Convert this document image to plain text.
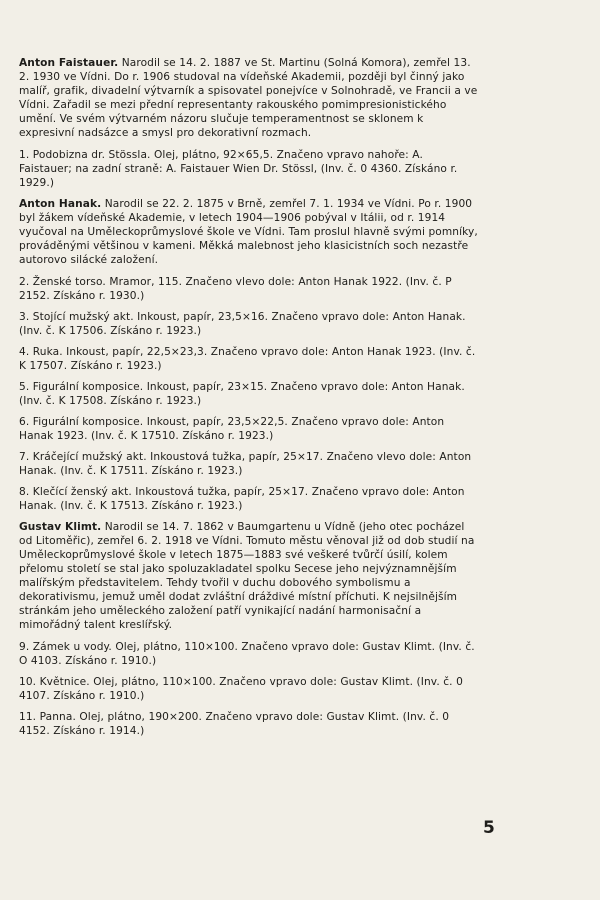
Anton Faistauer. Narodil se 14. 2. 1887 ve St. Martinu (Solná Komora), zemřel 13. 2. 1930 ve Vídni. Do r. 1906 studoval na vídeňské Akademii, později byl činný jako malíř, grafik, divadelní výtvarník a spisovatel ponejvíce v Solnohradě, ve Francii a ve Vídni. Zařadil se mezi přední representanty rakouského pomimpresionistického umění. Ve svém výtvarném názoru slučuje temperamentnost se sklonem k expresivní nadsázce a smysl pro dekorativní rozmach.

1. Podobizna dr. Stössla. Olej, plátno, 92×65,5. Značeno vpravo nahoře: A. Faistauer; na zadní straně: A. Faistauer Wien Dr. Stössl, (Inv. č. 0 4360. Získáno r. 1929.)

Anton Hanak. Narodil se 22. 2. 1875 v Brně, zemřel 7. 1. 1934 ve Vídni. Po r. 1900 byl žákem vídeňské Akademie, v letech 1904—1906 pobýval v Itálii, od r. 1914 vyučoval na Uměleckoprůmyslové škole ve Vídni. Tam proslul hlavně svými pomníky, prováděnými většinou v kameni. Měkká malebnost jeho klasicistních soch nezastře autorovo silácké založení.

2. Ženské torso. Mramor, 115. Značeno vlevo dole: Anton Hanak 1922. (Inv. č. P 2152. Získáno r. 1930.)

3. Stojící mužský akt. Inkoust, papír, 23,5×16. Značeno vpravo dole: Anton Hanak. (Inv. č. K 17506. Získáno r. 1923.)

4. Ruka. Inkoust, papír, 22,5×23,3. Značeno vpravo dole: Anton Hanak 1923. (Inv. č. K 17507. Získáno r. 1923.)

5. Figurální komposice. Inkoust, papír, 23×15. Značeno vpravo dole: Anton Hanak. (Inv. č. K 17508. Získáno r. 1923.)

6. Figurální komposice. Inkoust, papír, 23,5×22,5. Značeno vpravo dole: Anton Hanak 1923. (Inv. č. K 17510. Získáno r. 1923.)

7. Kráčející mužský akt. Inkoustová tužka, papír, 25×17. Značeno vlevo dole: Anton Hanak. (Inv. č. K 17511. Získáno r. 1923.)

8. Klečící ženský akt. Inkoustová tužka, papír, 25×17. Značeno vpravo dole: Anton Hanak. (Inv. č. K 17513. Získáno r. 1923.)

Gustav Klimt. Narodil se 14. 7. 1862 v Baumgartenu u Vídně (jeho otec pocházel od Litoměřic), zemřel 6. 2. 1918 ve Vídni. Tomuto městu věnoval již od dob studií na Uměleckoprůmyslové škole v letech 1875—1883 své veškeré tvůrčí úsilí, kolem přelomu století se stal jako spoluzakladatel spolku Secese jeho nejvýznamnějším malířským představitelem. Tehdy tvořil v duchu dobového symbolismu a dekorativismu, jemuž uměl dodat zvláštní dráždivé místní příchuti. K nejsilnějším stránkám jeho uměleckého založení patří vynikající nadání harmonisační a mimořádný talent kreslířský.

9. Zámek u vody. Olej, plátno, 110×100. Značeno vpravo dole: Gustav Klimt. (Inv. č. O 4103. Získáno r. 1910.)

10. Květnice. Olej, plátno, 110×100. Značeno vpravo dole: Gustav Klimt. (Inv. č. 0 4107. Získáno r. 1910.)

11. Panna. Olej, plátno, 190×200. Značeno vpravo dole: Gustav Klimt. (Inv. č. 0 4152. Získáno r. 1914.)

5
